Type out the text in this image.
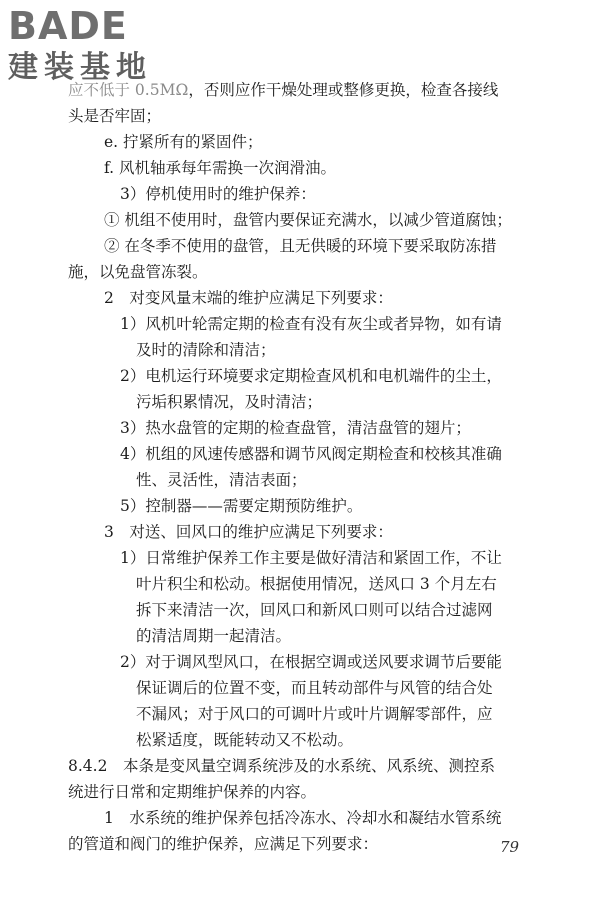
BADE
建装基地
应不低于 0.5MΩ，否则应作干燥处理或整修更换，检查各接线
头是否牢固；
e. 拧紧所有的紧固件；
f. 风机轴承每年需换一次润滑油。
3）停机使用时的维护保养：
① 机组不使用时，盘管内要保证充满水，以减少管道腐蚀；
② 在冬季不使用的盘管，且无供暖的环境下要采取防冻措
施，以免盘管冻裂。
2　对变风量末端的维护应满足下列要求：
1）风机叶轮需定期的检查有没有灰尘或者异物，如有请
及时的清除和清洁；
2）电机运行环境要求定期检查风机和电机端件的尘土，
污垢积累情况，及时清洁；
3）热水盘管的定期的检查盘管，清洁盘管的翅片；
4）机组的风速传感器和调节风阀定期检查和校核其准确
性、灵活性，清洁表面；
5）控制器——需要定期预防维护。
3　对送、回风口的维护应满足下列要求：
1）日常维护保养工作主要是做好清洁和紧固工作，不让
叶片积尘和松动。根据使用情况，送风口 3 个月左右
拆下来清洁一次，回风口和新风口则可以结合过滤网
的清洁周期一起清洁。
2）对于调风型风口，在根据空调或送风要求调节后要能
保证调后的位置不变，而且转动部件与风管的结合处
不漏风；对于风口的可调叶片或叶片调解零部件，应
松紧适度，既能转动又不松动。
8.4.2　本条是变风量空调系统涉及的水系统、风系统、测控系
统进行日常和定期维护保养的内容。
1　水系统的维护保养包括冷冻水、冷却水和凝结水管系统
的管道和阀门的维护保养，应满足下列要求：	79
